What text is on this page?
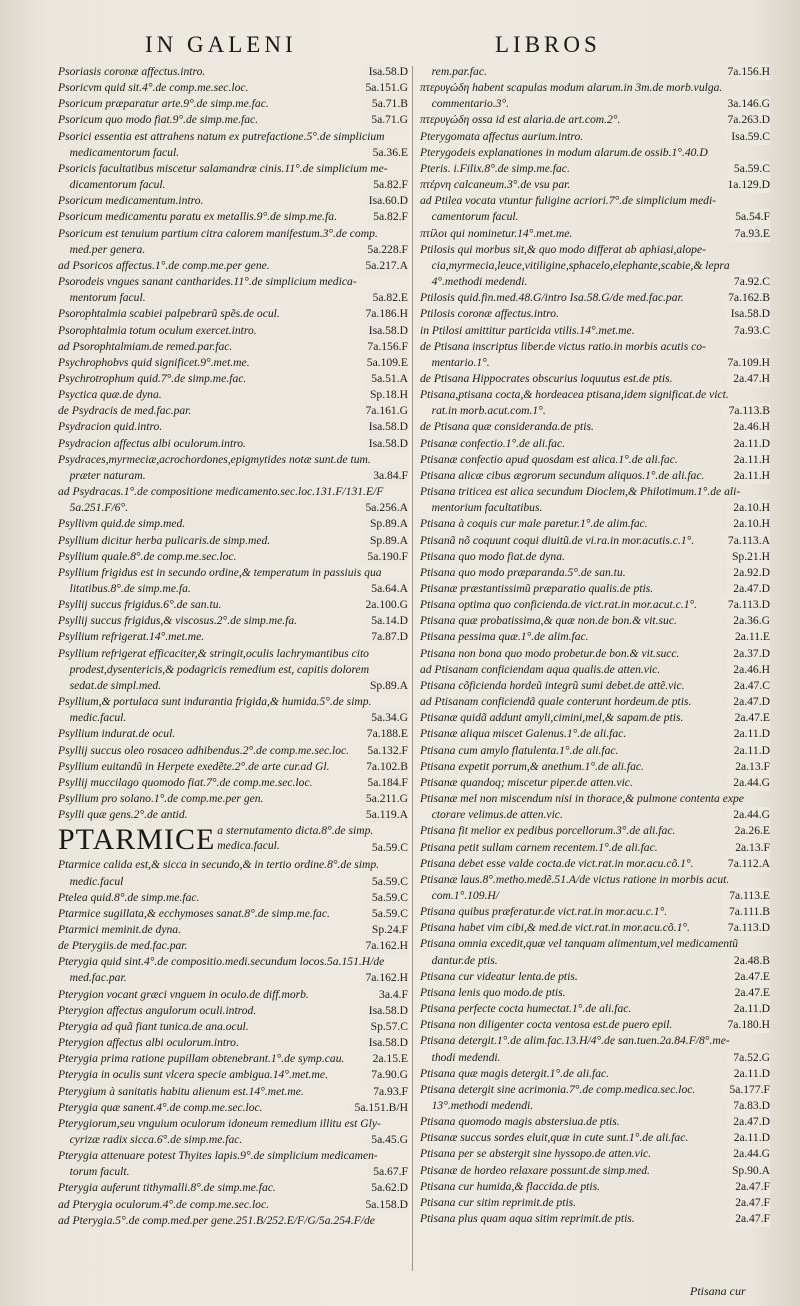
IN GALENI	LIBROS
Psoriasis coronæ affectus.intro.	Isa.58.D
Psoricvm quid sit.4°.de comp.me.sec.loc.	5a.151.G
Psoricum præparatur arte.9°.de simp.me.fac.	5a.71.B
Psoricum quo modo fiat.9°.de simp.me.fac.	5a.71.G
Psorici essentia est attrahens natum ex putrefactione.5°.de simplicium
medicamentorum facul.	5a.36.E
Psoricis facultatibus miscetur salamandræ cinis.11°.de simplicium me-
dicamentorum facul.	5a.82.F
Psoricum medicamentum.intro.	Isa.60.D
Psoricum medicamentu paratu ex metallis.9°.de simp.me.fa.	5a.82.F
Psoricum est tenuium partium citra calorem manifestum.3°.de comp.
med.per genera.	5a.228.F
ad Psoricos affectus.1°.de comp.me.per gene.	5a.217.A
Psorodeis vngues sanant cantharides.11°.de simplicium medica-
mentorum facul.	5a.82.E
Psorophtalmia scabiei palpebrarũ spẽs.de ocul.	7a.186.H
Psorophtalmia totum oculum exercet.intro.	Isa.58.D
ad Psorophtalmiam.de remed.par.fac.	7a.156.F
Psychrophobvs quid significet.9°.met.me.	5a.109.E
Psychrotrophum quid.7°.de simp.me.fac.	5a.51.A
Psyctica quæ.de dyna.	Sp.18.H
de Psydracis de med.fac.par.	7a.161.G
Psydracion quid.intro.	Isa.58.D
Psydracion affectus albi oculorum.intro.	Isa.58.D
Psydraces,myrmeciæ,acrochordones,epigmytides notæ sunt.de tum.
præter naturam.	3a.84.F
ad Psydracas.1°.de compositione medicamento.sec.loc.131.F/131.E/F
5a.251.F/6°.	5a.256.A
Psyllivm quid.de simp.med.	Sp.89.A
Psyllium dicitur herba pulicaris.de simp.med.	Sp.89.A
Psyllium quale.8°.de comp.me.sec.loc.	5a.190.F
Psyllium frigidus est in secundo ordine,& temperatum in passiuis qua
litatibus.8°.de simp.me.fa.	5a.64.A
Psyllij succus frigidus.6°.de san.tu.	2a.100.G
Psyllij succus frigidus,& viscosus.2°.de simp.me.fa.	5a.14.D
Psyllium refrigerat.14°.met.me.	7a.87.D
Psyllium refrigerat efficaciter,& stringit,oculis lachrymantibus cito
prodest,dysentericis,& podagricis remedium est, capitis dolorem
sedat.de simpl.med.	Sp.89.A
Psyllium,& portulaca sunt indurantia frigida,& humida.5°.de simp.
medic.facul.	5a.34.G
Psyllium indurat.de ocul.	7a.188.E
Psyllij succus oleo rosaceo adhibendus.2°.de comp.me.sec.loc.	5a.132.F
Psyllium euitandũ in Herpete exedẽte.2°.de arte cur.ad Gl.	7a.102.B
Psyllij muccilago quomodo fiat.7°.de comp.me.sec.loc.	5a.184.F
Psyllium pro solano.1°.de comp.me.per gen.	5a.211.G
Psylli quæ gens.2°.de antid.	5a.119.A
PTARMICE a sternutamento dicta.8°.de simp.
medica.facul.	5a.59.C
Ptarmice calida est,& sicca in secundo,& in tertio ordine.8°.de simp.
medic.facul	5a.59.C
Ptelea quid.8°.de simp.me.fac.	5a.59.C
Ptarmice sugillata,& ecchymoses sanat.8°.de simp.me.fac.	5a.59.C
Ptarmici meminit.de dyna.	Sp.24.F
de Pterygiis.de med.fac.par.	7a.162.H
Pterygia quid sint.4°.de compositio.medi.secundum locos.5a.151.H/de
med.fac.par.	7a.162.H
Pterygion vocant græci vnguem in oculo.de diff.morb.	3a.4.F
Pterygion affectus angulorum oculi.introd.	Isa.58.D
Pterygia ad quã fiant tunica.de ana.ocul.	Sp.57.C
Pterygion affectus albi oculorum.intro.	Isa.58.D
Pterygia prima ratione pupillam obtenebrant.1°.de symp.cau.	2a.15.E
Pterygia in oculis sunt vlcera specie ambigua.14°.met.me.	7a.90.G
Pterygium à sanitatis habitu alienum est.14°.met.me.	7a.93.F
Pterygia quæ sanent.4°.de comp.me.sec.loc.	5a.151.B/H
Pterygiorum,seu vnguium oculorum idoneum remedium illitu est Gly-
cyrizæ radix sicca.6°.de simp.me.fac.	5a.45.G
Pterygia attenuare potest Thyites lapis.9°.de simplicium medicamen-
torum facult.	5a.67.F
Pterygia auferunt tithymalli.8°.de simp.me.fac.	5a.62.D
ad Pterygia oculorum.4°.de comp.me.sec.loc.	5a.158.D
ad Pterygia.5°.de comp.med.per gene.251.B/252.E/F/G/5a.254.F/de
rem.par.fac.	7a.156.H
πτερυγώδη habent scapulas modum alarum.in 3m.de morb.vulga.
commentario.3°.	3a.146.G
πτερυγώδη ossa id est alaria.de art.com.2°.	7a.263.D
Pterygomata affectus aurium.intro.	Isa.59.C
Pterygodeis explanationes in modum alarum.de ossib.1°.40.D
Pteris. i.Filix.8°.de simp.me.fac.	5a.59.C
πτέρνη calcaneum.3°.de vsu par.	1a.129.D
ad Ptilea vocata vtuntur fuligine acriori.7°.de simplicium medi-
camentorum facul.	5a.54.F
πτίλοι qui nominetur.14°.met.me.	7a.93.E
Ptilosis qui morbus sit,& quo modo differat ab aphiasi,alope-
cia,myrmecia,leuce,vitiligine,sphacelo,elephante,scabie,& lepra
4°.methodi medendi.	7a.92.C
Ptilosis quid.fin.med.48.G/intro Isa.58.G/de med.fac.par.	7a.162.B
Ptilosis coronæ affectus.intro.	Isa.58.D
in Ptilosi amittitur particida vtilis.14°.met.me.	7a.93.C
de Ptisana inscriptus liber.de victus ratio.in morbis acutis co-
mentario.1°.	7a.109.H
de Ptisana Hippocrates obscurius loquutus est.de ptis.	2a.47.H
Ptisana,ptisana cocta,& hordeacea ptisana,idem significat.de vict.
rat.in morb.acut.com.1°.	7a.113.B
de Ptisana quæ consideranda.de ptis.	2a.46.H
Ptisanæ confectio.1°.de ali.fac.	2a.11.D
Ptisanæ confectio apud quosdam est alica.1°.de ali.fac.	2a.11.H
Ptisana alicæ cibus ægrorum secundum aliquos.1°.de ali.fac.	2a.11.H
Ptisana triticea est alica secundum Dioclem,& Philotimum.1°.de ali-
mentorium facultatibus.	2a.10.H
Ptisana à coquis cur male paretur.1°.de alim.fac.	2a.10.H
Ptisanã nõ coquunt coqui diuitũ.de vi.ra.in mor.acutis.c.1°.	7a.113.A
Ptisana quo modo fiat.de dyna.	Sp.21.H
Ptisana quo modo præparanda.5°.de san.tu.	2a.92.D
Ptisanæ præstantissimũ præparatio qualis.de ptis.	2a.47.D
Ptisana optima quo conficienda.de vict.rat.in mor.acut.c.1°.	7a.113.D
Ptisana quæ probatissima,& quæ non.de bon.& vit.suc.	2a.36.G
Ptisana pessima quæ.1°.de alim.fac.	2a.11.E
Ptisana non bona quo modo probetur.de bon.& vit.succ.	2a.37.D
ad Ptisanam conficiendam aqua qualis.de atten.vic.	2a.46.H
Ptisana cõficienda hordeũ integrũ sumi debet.de attẽ.vic.	2a.47.C
ad Ptisanam conficiendã quale conterunt hordeum.de ptis.	2a.47.D
Ptisanæ quidã addunt amyli,cimini,mel,& sapam.de ptis.	2a.47.E
Ptisanæ aliqua miscet Galenus.1°.de ali.fac.	2a.11.D
Ptisana cum amylo flatulenta.1°.de ali.fac.	2a.11.D
Ptisana expetit porrum,& anethum.1°.de ali.fac.	2a.13.F
Ptisanæ quandoq; miscetur piper.de atten.vic.	2a.44.G
Ptisanæ mel non miscendum nisi in thorace,& pulmone contenta expe
ctorare velimus.de atten.vic.	2a.44.G
Ptisana fit melior ex pedibus porcellorum.3°.de ali.fac.	2a.26.E
Ptisana petit sullam carnem recentem.1°.de ali.fac.	2a.13.F
Ptisana debet esse valde cocta.de vict.rat.in mor.acu.cõ.1°.	7a.112.A
Ptisanæ laus.8°.metho.medẽ.51.A/de victus ratione in morbis acut.
com.1°.109.H/	7a.113.E
Ptisana quibus præferatur.de vict.rat.in mor.acu.c.1°.	7a.111.B
Ptisana habet vim cibi,& med.de vict.rat.in mor.acu.cõ.1°.	7a.113.D
Ptisana omnia excedit,quæ vel tanquam alimentum,vel medicamentũ
dantur.de ptis.	2a.48.B
Ptisana cur videatur lenta.de ptis.	2a.47.E
Ptisana lenis quo modo.de ptis.	2a.47.E
Ptisana perfecte cocta humectat.1°.de ali.fac.	2a.11.D
Ptisana non diligenter cocta ventosa est.de puero epil.	7a.180.H
Ptisana detergit.1°.de alim.fac.13.H/4°.de san.tuen.2a.84.F/8°.me-
thodi medendi.	7a.52.G
Ptisana quæ magis detergit.1°.de ali.fac.	2a.11.D
Ptisana detergit sine acrimonia.7°.de comp.medica.sec.loc.	5a.177.F
13°.methodi medendi.	7a.83.D
Ptisana quomodo magis abstersiua.de ptis.	2a.47.D
Ptisanæ succus sordes eluit,quæ in cute sunt.1°.de ali.fac.	2a.11.D
Ptisana per se abstergit sine hyssopo.de atten.vic.	2a.44.G
Ptisanæ de hordeo relaxare possunt.de simp.med.	Sp.90.A
Ptisana cur humida,& flaccida.de ptis.	2a.47.F
Ptisana cur sitim reprimit.de ptis.	2a.47.F
Ptisana plus quam aqua sitim reprimit.de ptis.	2a.47.F
Ptisana cur
